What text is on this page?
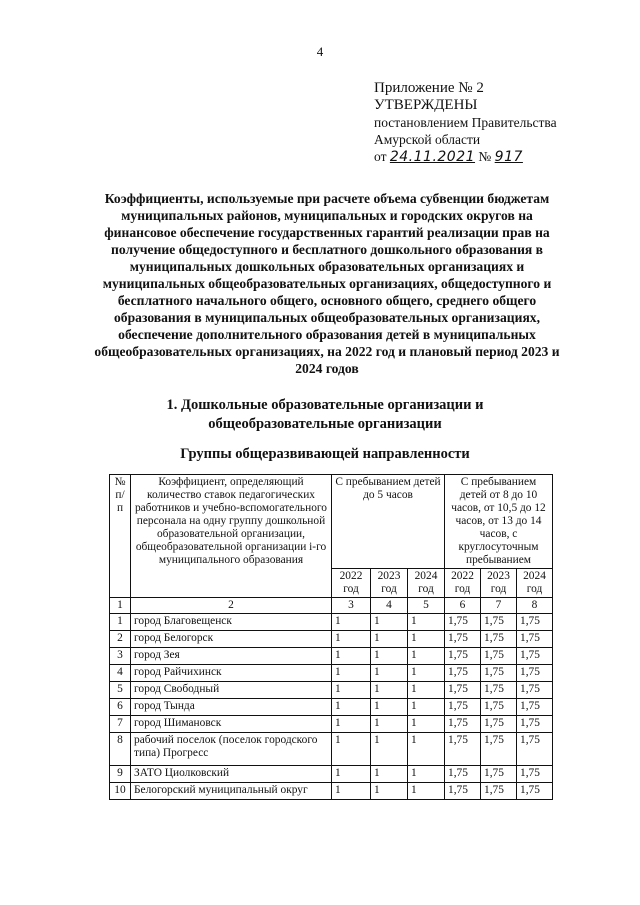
4
Приложение № 2
УТВЕРЖДЕНЫ
постановлением Правительства
Амурской области
от 24.11.2021 № 917
Коэффициенты, используемые при расчете объема субвенции бюджетам муниципальных районов, муниципальных и городских округов на финансовое обеспечение государственных гарантий реализации прав на получение общедоступного и бесплатного дошкольного образования в муниципальных дошкольных образовательных организациях и муниципальных общеобразовательных организациях, общедоступного и бесплатного начального общего, основного общего, среднего общего образования в муниципальных общеобразовательных организациях, обеспечение дополнительного образования детей в муниципальных общеобразовательных организациях, на 2022 год и плановый период 2023 и 2024 годов
1. Дошкольные образовательные организации и общеобразовательные организации
Группы общеразвивающей направленности
№ п/п	Коэффициент, определяющий количество ставок педагогических работников и учебно-вспомогательного персонала на одну группу дошкольной образовательной организации, общеобразовательной организации i-го муниципального образования	С пребыванием детей до 5 часов			С пребыванием детей от 8 до 10 часов, от 10,5 до 12 часов, от 13 до 14 часов, с круглосуточным пребыванием		
		2022 год	2023 год	2024 год	2022 год	2023 год	2024 год
1	2	3	4	5	6	7	8
1	город Благовещенск	1	1	1	1,75	1,75	1,75
2	город Белогорск	1	1	1	1,75	1,75	1,75
3	город Зея	1	1	1	1,75	1,75	1,75
4	город Райчихинск	1	1	1	1,75	1,75	1,75
5	город Свободный	1	1	1	1,75	1,75	1,75
6	город Тында	1	1	1	1,75	1,75	1,75
7	город Шимановск	1	1	1	1,75	1,75	1,75
8	рабочий поселок (поселок городского типа) Прогресс	1	1	1	1,75	1,75	1,75
9	ЗАТО Циолковский	1	1	1	1,75	1,75	1,75
10	Белогорский муниципальный округ	1	1	1	1,75	1,75	1,75
